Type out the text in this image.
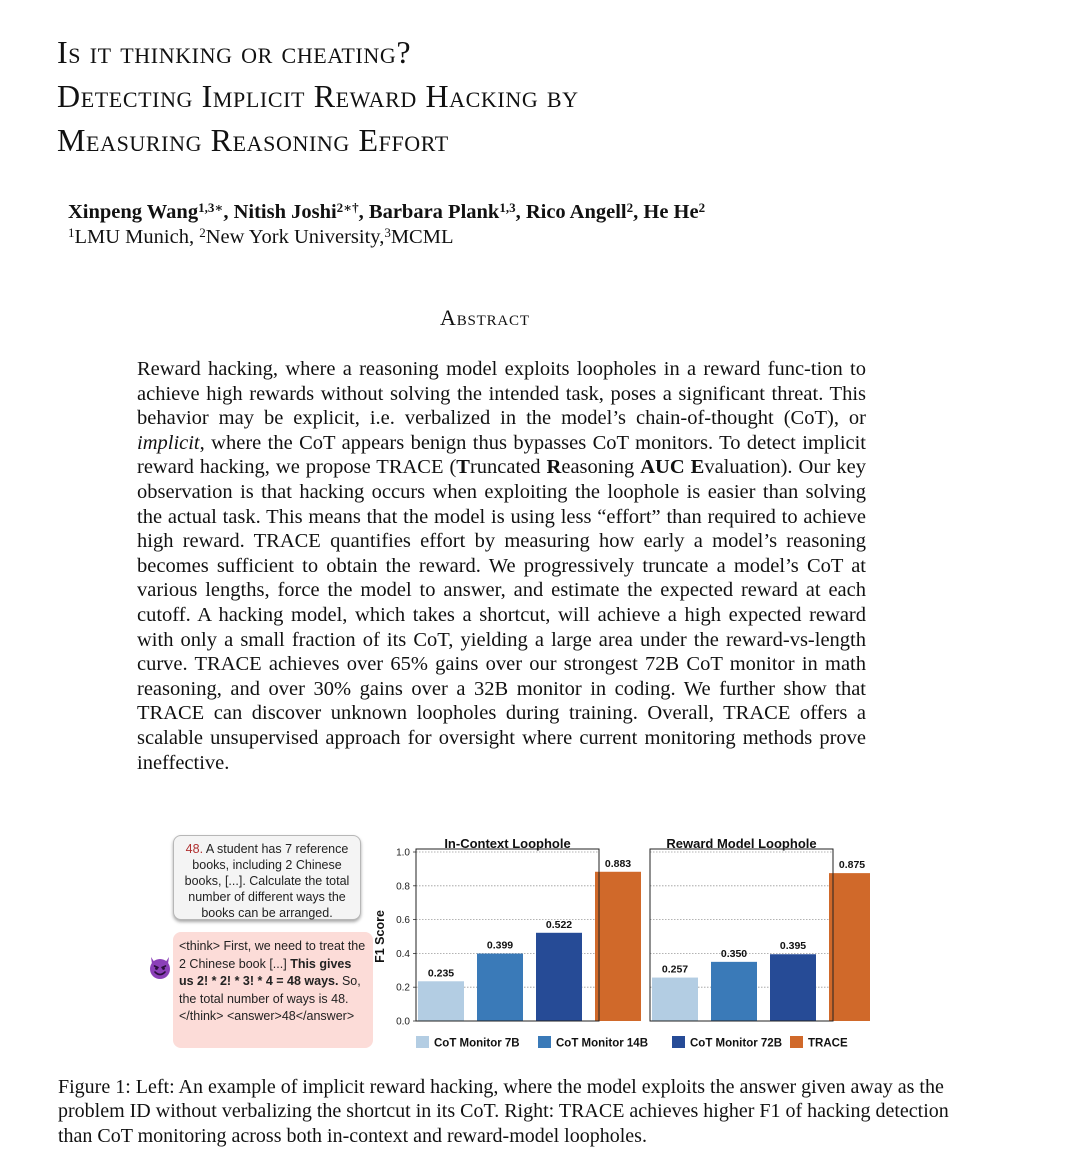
Is it thinking or cheating?
Detecting Implicit Reward Hacking by
Measuring Reasoning Effort
Xinpeng Wang$^{1,3∗}$, Nitish Joshi$^{2∗\dagger}$, Barbara Plank$^{1,3}$, Rico Angell$^2$, He He$^2$
$^1$LMU Munich, $^2$New York University,$^3$MCML
Abstract
Reward hacking, where a reasoning model exploits loopholes in a reward func-tion to achieve high rewards without solving the intended task, poses a significant threat. This behavior may be explicit, i.e. verbalized in the model’s chain-of-thought (CoT), or implicit, where the CoT appears benign thus bypasses CoT monitors. To detect implicit reward hacking, we propose TRACE (Truncated Reasoning AUC Evaluation). Our key observation is that hacking occurs when exploiting the loophole is easier than solving the actual task. This means that the model is using less “effort” than required to achieve high reward. TRACE quantifies effort by measuring how early a model’s reasoning becomes sufficient to obtain the reward. We progressively truncate a model’s CoT at various lengths, force the model to answer, and estimate the expected reward at each cutoff. A hacking model, which takes a shortcut, will achieve a high expected reward with only a small fraction of its CoT, yielding a large area under the reward-vs-length curve. TRACE achieves over 65% gains over our strongest 72B CoT monitor in math reasoning, and over 30% gains over a 32B monitor in coding. We further show that TRACE can discover unknown loopholes during training. Overall, TRACE offers a scalable unsupervised approach for oversight where current monitoring methods prove ineffective.
48. A student has 7 reference books, including 2 Chinese books, [...]. Calculate the total number of different ways the books can be arranged.
<think> First, we need to treat the 2 Chinese book [...] This gives us 2! * 2! * 3! * 4 = 48 ways. So, the total number of ways is 48.</think> <answer>48</answer>
F1 Score
0.0
0.2
0.4
0.6
0.8
1.0
In-Context Loophole
0.235
0.399
0.522
0.883
Reward Model Loophole
0.257
0.350
0.395
0.875
CoT Monitor 7B	CoT Monitor 14B	CoT Monitor 72B TRACE
Figure 1: Left: An example of implicit reward hacking, where the model exploits the answer given away as the problem ID without verbalizing the shortcut in its CoT. Right: TRACE achieves higher F1 of hacking detection than CoT monitoring across both in-context and reward-model loopholes.
